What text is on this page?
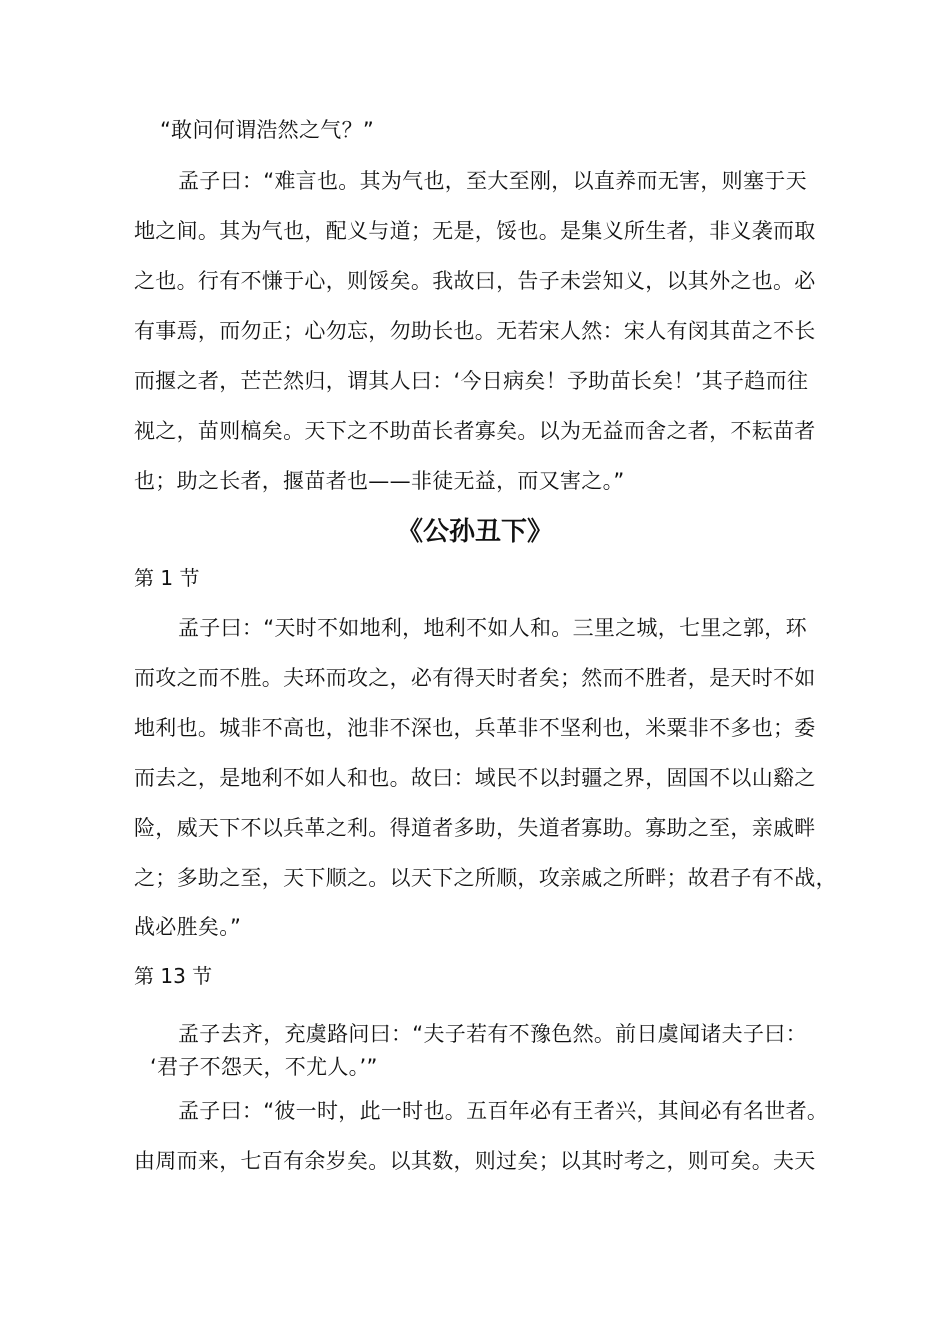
“敢问何谓浩然之气？”
孟子曰：“难言也。其为气也，至大至刚，以直养而无害，则塞于天
地之间。其为气也，配义与道；无是，馁也。是集义所生者，非义袭而取
之也。行有不慊于心，则馁矣。我故曰，告子未尝知义，以其外之也。必
有事焉，而勿正；心勿忘，勿助长也。无若宋人然：宋人有闵其苗之不长
而揠之者，芒芒然归，谓其人曰：‘今日病矣！予助苗长矣！’其子趋而往
视之，苗则槁矣。天下之不助苗长者寡矣。以为无益而舍之者，不耘苗者
也；助之长者，揠苗者也——非徒无益，而又害之。”
《公孙丑下》
第 1 节
孟子曰：“天时不如地利，地利不如人和。三里之城，七里之郭，环
而攻之而不胜。夫环而攻之，必有得天时者矣；然而不胜者，是天时不如
地利也。城非不高也，池非不深也，兵革非不坚利也，米粟非不多也；委
而去之，是地利不如人和也。故曰：域民不以封疆之界，固国不以山谿之
险，威天下不以兵革之利。得道者多助，失道者寡助。寡助之至，亲戚畔
之；多助之至，天下顺之。以天下之所顺，攻亲戚之所畔；故君子有不战，
战必胜矣。”
第 13 节
孟子去齐，充虞路问曰：“夫子若有不豫色然。前日虞闻诸夫子曰：
‘君子不怨天，不尤人。’”
孟子曰：“彼一时，此一时也。五百年必有王者兴，其间必有名世者。
由周而来，七百有余岁矣。以其数，则过矣；以其时考之，则可矣。夫天
